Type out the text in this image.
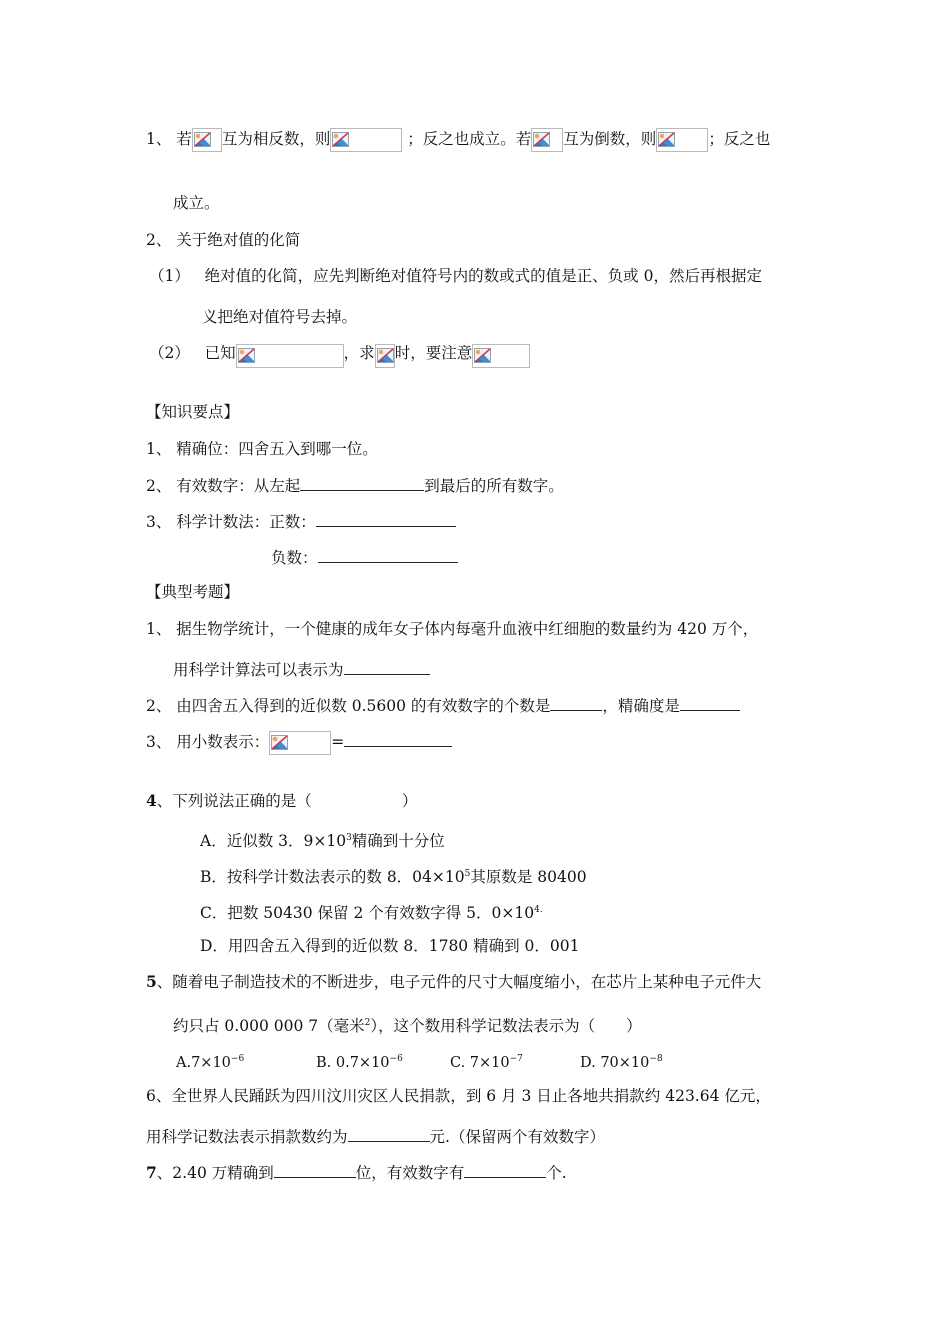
1、 若 互为相反数，则	；反之也成立。若 互为倒数，则	；反之也
成立。
2、 关于绝对值的化简
（1） 绝对值的化简，应先判断绝对值符号内的数或式的值是正、负或 0，然后再根据定
义把绝对值符号去掉。
（2） 已知	，求 时，要注意
【知识要点】
1、 精确位：四舍五入到哪一位。
2、 有效数字：从左起	到最后的所有数字。
3、 科学计数法：正数：
负数：
【典型考题】
1、 据生物学统计，一个健康的成年女子体内每毫升血液中红细胞的数量约为 420 万个，
用科学计算法可以表示为
2、 由四舍五入得到的近似数 0.5600 的有效数字的个数是	，精确度是
3、 用小数表示：	=
4、下列说法正确的是（	）
A．近似数 3．$9\times 10^3$精确到十分位
B．按科学计数法表示的数 8．$04\times 10^5$其原数是 80400
C．把数 50430 保留 2 个有效数字得 5．$0\times 10^{4.}$
D．用四舍五入得到的近似数 8．1780 精确到 0．001
5、随着电子制造技术的不断进步，电子元件的尺寸大幅度缩小，在芯片上某种电子元件大
约只占 0.000 000 7（毫米$^2$），这个数用科学记数法表示为（　　）
$A.7\times 10^{-6}$	B. $0.7\times 10^{-6}$	C. $7\times 10^{-7}$	D. $70\times 10^{-8}$
6、全世界人民踊跃为四川汶川灾区人民捐款，到 6 月 3 日止各地共捐款约 423.64 亿元，
用科学记数法表示捐款数约为	元.（保留两个有效数字）
7、2.40 万精确到	位，有效数字有	个.
